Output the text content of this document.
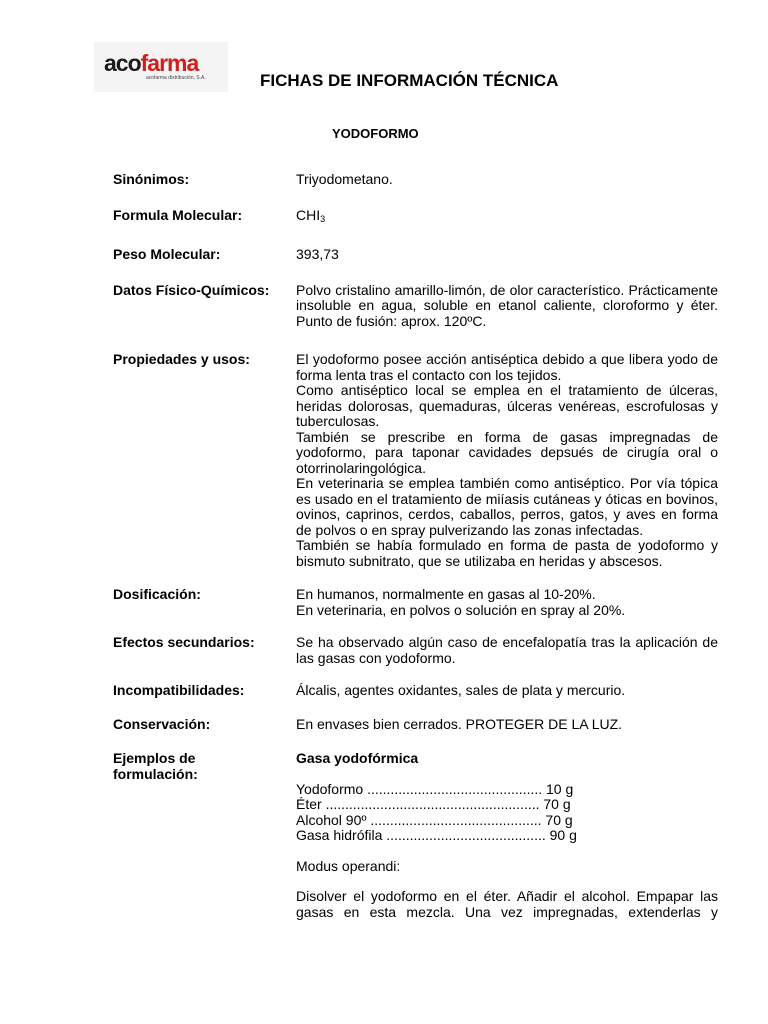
acofarma
acofarma distribución, S.A.	FICHAS DE INFORMACIÓN TÉCNICA
YODOFORMO
Sinónimos:	Triyodometano.
Formula Molecular:	$CHI_3$
Peso Molecular:	393,73
Datos Físico-Químicos:	Polvo cristalino amarillo-limón, de olor característico. Prácticamente insoluble en agua, soluble en etanol caliente, cloroformo y éter. Punto de fusión: aprox. 120ºC.
Propiedades y usos:	El yodoformo posee acción antiséptica debido a que libera yodo de forma lenta tras el contacto con los tejidos.

Como antiséptico local se emplea en el tratamiento de úlceras, heridas dolorosas, quemaduras, úlceras venéreas, escrofulosas y tuberculosas.

También se prescribe en forma de gasas impregnadas de yodoformo, para taponar cavidades depsués de cirugía oral o otorrinolaringológica.

En veterinaria se emplea también como antiséptico. Por vía tópica es usado en el tratamiento de miíasis cutáneas y óticas en bovinos, ovinos, caprinos, cerdos, caballos, perros, gatos, y aves en forma de polvos o en spray pulverizando las zonas infectadas.

También se había formulado en forma de pasta de yodoformo y bismuto subnitrato, que se utilizaba en heridas y abscesos.

Dosificación:	En humanos, normalmente en gasas al 10-20%.

En veterinaria, en polvos o solución en spray al 20%.

Efectos secundarios:	Se ha observado algún caso de encefalopatía tras la aplicación de las gasas con yodoformo.
Incompatibilidades:	Álcalis, agentes oxidantes, sales de plata y mercurio.
Conservación:	En envases bien cerrados. PROTEGER DE LA LUZ.
Ejemplos de
formulación:

Gasa yodofórmica

Yodoformo ............................................. 10 g

Éter ....................................................... 70 g

Alcohol 90º ............................................ 70 g

Gasa hidrófila ......................................... 90 g

Modus operandi:

Disolver el yodoformo en el éter. Añadir el alcohol. Empapar las gasas en esta mezcla. Una vez impregnadas, extenderlas y
